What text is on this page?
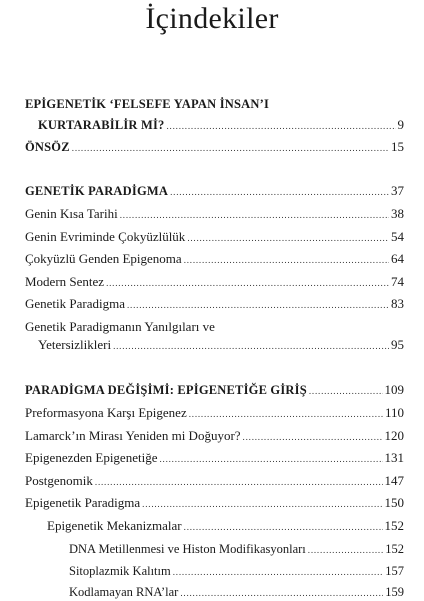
İçindekiler
EPİGENETİK ‘FELSEFE YAPAN İNSAN’I
KURTARABİLİR Mİ? .....	9
ÖNSÖZ .....	15
GENETİK PARADİGMA .....	37
Genin Kısa Tarihi .....	38
Genin Evriminde Çokyüzlülük .....	54
Çokyüzlü Genden Epigenoma .....	64
Modern Sentez .....	74
Genetik Paradigma .....	83
Genetik Paradigmanın Yanılgıları ve
Yetersizlikleri .....	95
PARADİGMA DEĞİŞİMİ: EPİGENETİĞE GİRİŞ .....	109
Preformasyona Karşı Epigenez .....	110
Lamarck’ın Mirası Yeniden mi Doğuyor? .....	120
Epigenezden Epigenetiğe .....	131
Postgenomik .....	147
Epigenetik Paradigma .....	150
Epigenetik Mekanizmalar .....	152
DNA Metillenmesi ve Histon Modifikasyonları .....	152
Sitoplazmik Kalıtım .....	157
Kodlamayan RNA’lar .....	159
